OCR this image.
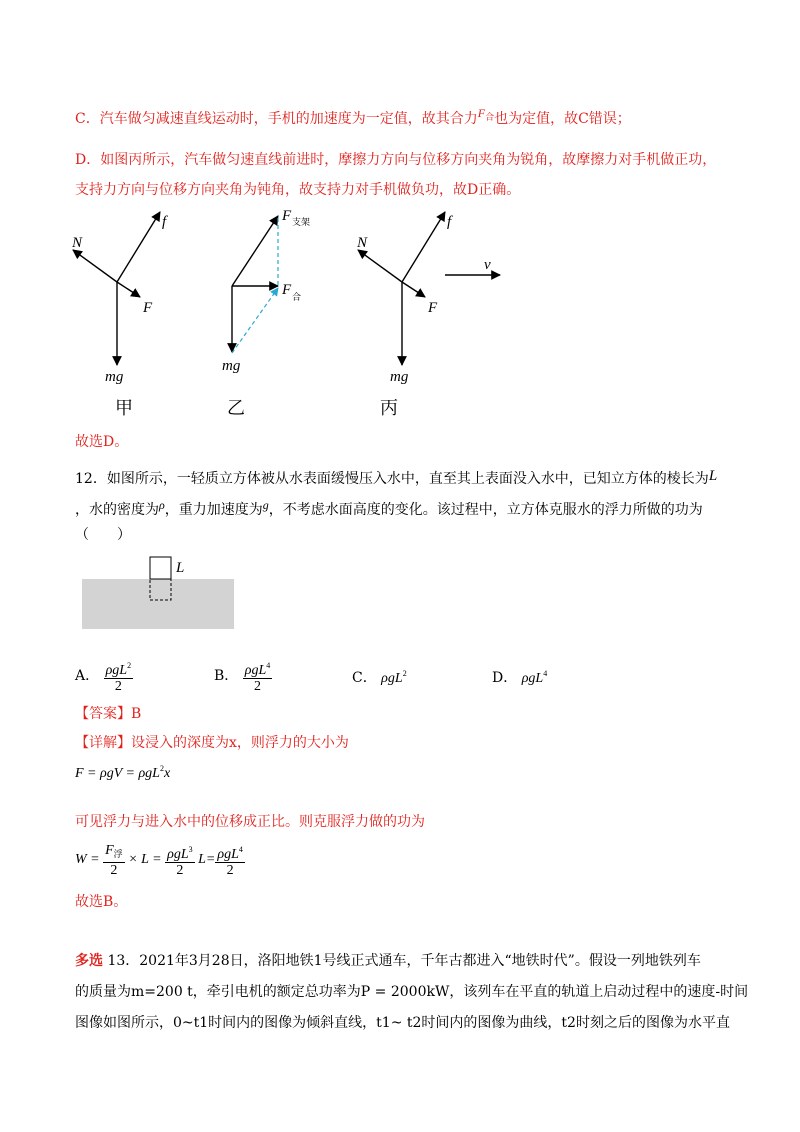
C．汽车做匀减速直线运动时，手机的加速度为一定值，故其合力$F_合$也为定值，故C错误；
D．如图丙所示，汽车做匀速直线前进时，摩擦力方向与位移方向夹角为锐角，故摩擦力对手机做正功，
支持力方向与位移方向夹角为钝角，故支持力对手机做负功，故D正确。
f
N
F
mg
F 支架
F 合
mg
f
N
F
mg
v
甲	乙	丙
故选D。
12．如图所示，一轻质立方体被从水表面缓慢压入水中，直至其上表面没入水中，已知立方体的棱长为L
，水的密度为ρ，重力加速度为g，不考虑水面高度的变化。该过程中，立方体克服水的浮力所做的功为
（　　）
L
A． $\frac{\rho gL^2}{2}$	B． $\frac{\rho gL^4}{2}$	C． ρgL$^2$	D． ρgL$^4$
【答案】B
【详解】设浸入的深度为x，则浮力的大小为
F = ρgV = ρgL$^2$x
可见浮力与进入水中的位移成正比。则克服浮力做的功为
$W = \frac{F_浮}{2} \times L = \frac{\rho gL^3}{2} L= \frac{\rho gL^4}{2}$
故选B。
多选 13．2021年3月28日，洛阳地铁1号线正式通车，千年古都进入“地铁时代”。假设一列地铁列车
的质量为m=200 t，牵引电机的额定总功率为P = 2000kW，该列车在平直的轨道上启动过程中的速度-时间
图像如图所示，0~t1时间内的图像为倾斜直线，t1~ t2时间内的图像为曲线，t2时刻之后的图像为水平直
